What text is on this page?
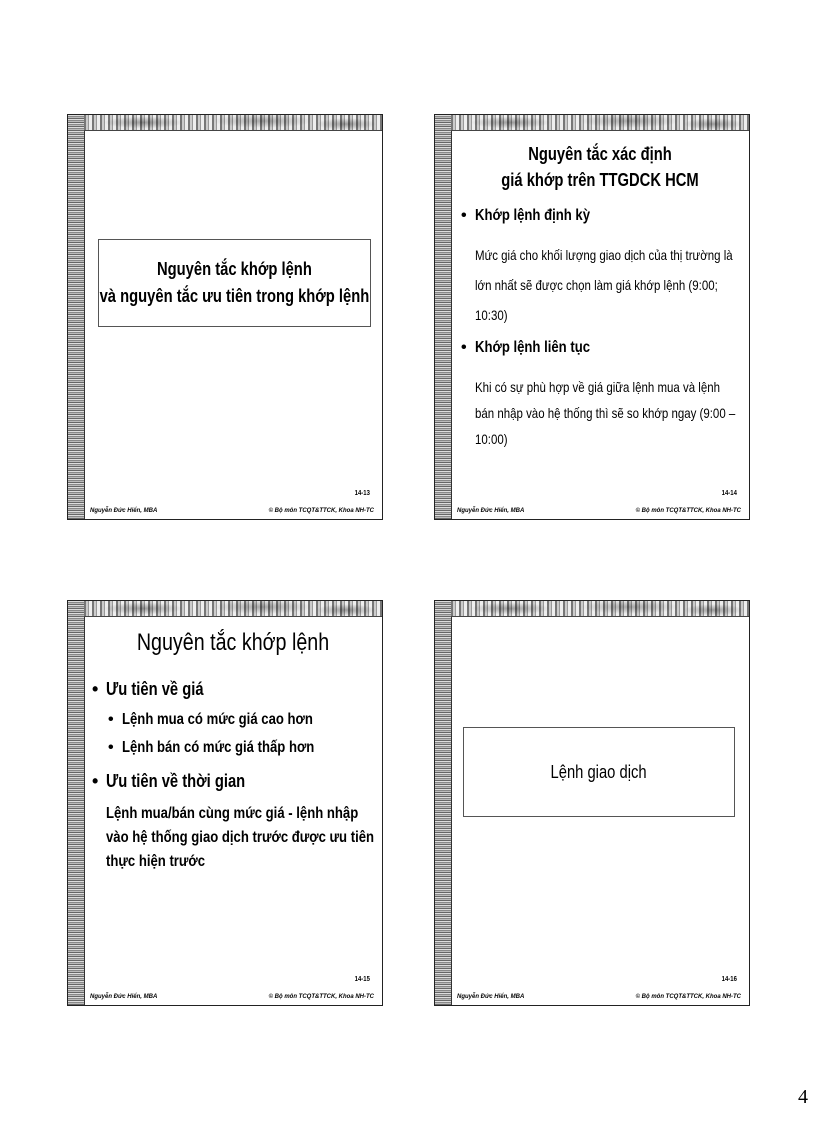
Nguyên tắc khớp lệnh
và nguyên tắc ưu tiên trong khớp lệnh
14-13
Nguyễn Đức Hiển, MBA	© Bộ môn TCQT&TTCK, Khoa NH-TC
Nguyên tắc xác định
giá khớp trên TTGDCK HCM
• Khớp lệnh định kỳ
Mức giá cho khối lượng giao dịch của thị trường là
lớn nhất sẽ được chọn làm giá khớp lệnh (9:00;
10:30)
• Khớp lệnh liên tục
Khi có sự phù hợp về giá giữa lệnh mua và lệnh
bán nhập vào hệ thống thì sẽ so khớp ngay (9:00 –
10:00)
14-14
Nguyễn Đức Hiển, MBA	© Bộ môn TCQT&TTCK, Khoa NH-TC
Nguyên tắc khớp lệnh
• Ưu tiên về giá
• Lệnh mua có mức giá cao hơn
• Lệnh bán có mức giá thấp hơn
• Ưu tiên về thời gian
Lệnh mua/bán cùng mức giá - lệnh nhập
vào hệ thống giao dịch trước được ưu tiên
thực hiện trước
14-15
Nguyễn Đức Hiển, MBA	© Bộ môn TCQT&TTCK, Khoa NH-TC
Lệnh giao dịch
14-16
Nguyễn Đức Hiển, MBA	© Bộ môn TCQT&TTCK, Khoa NH-TC
4
